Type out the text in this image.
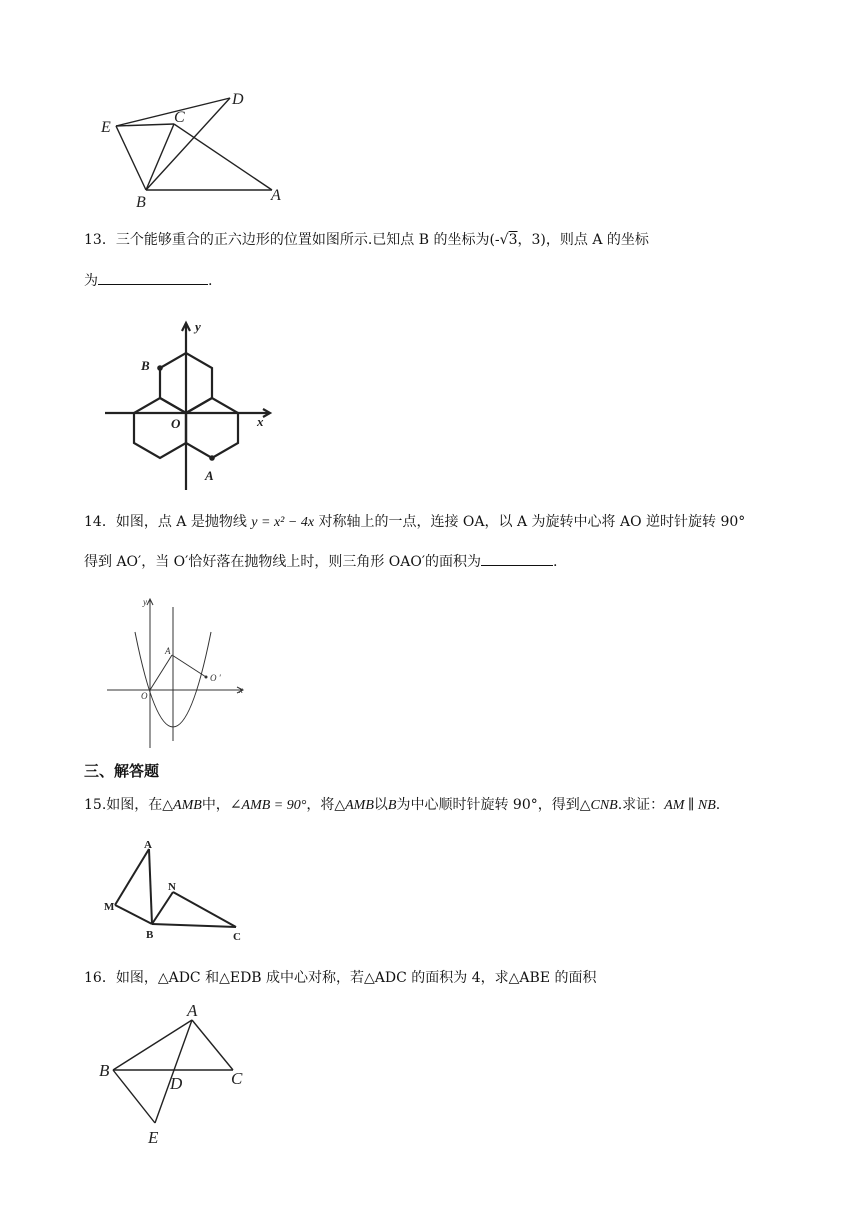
E
C
D
B	A
13．三个能够重合的正六边形的位置如图所示.已知点 B 的坐标为(-√3，3)，则点 A 的坐标
为	.
B
O
A
x
y
14．如图，点 A 是抛物线 y = x² − 4x 对称轴上的一点，连接 OA，以 A 为旋转中心将 AO 逆时针旋转 90°
得到 AO′，当 O′恰好落在抛物线上时，则三角形 OAO′的面积为	.
y
A
O
O ′
x
三、解答题
15.如图，在△AMB中，∠AMB = 90°，将△AMB以B为中心顺时针旋转 90°，得到△CNB.求证：AM ∥ NB.
A
N
M
B	C
16．如图，△ADC 和△EDB 成中心对称，若△ADC 的面积为 4，求△ABE 的面积
A
B
D	C
E
